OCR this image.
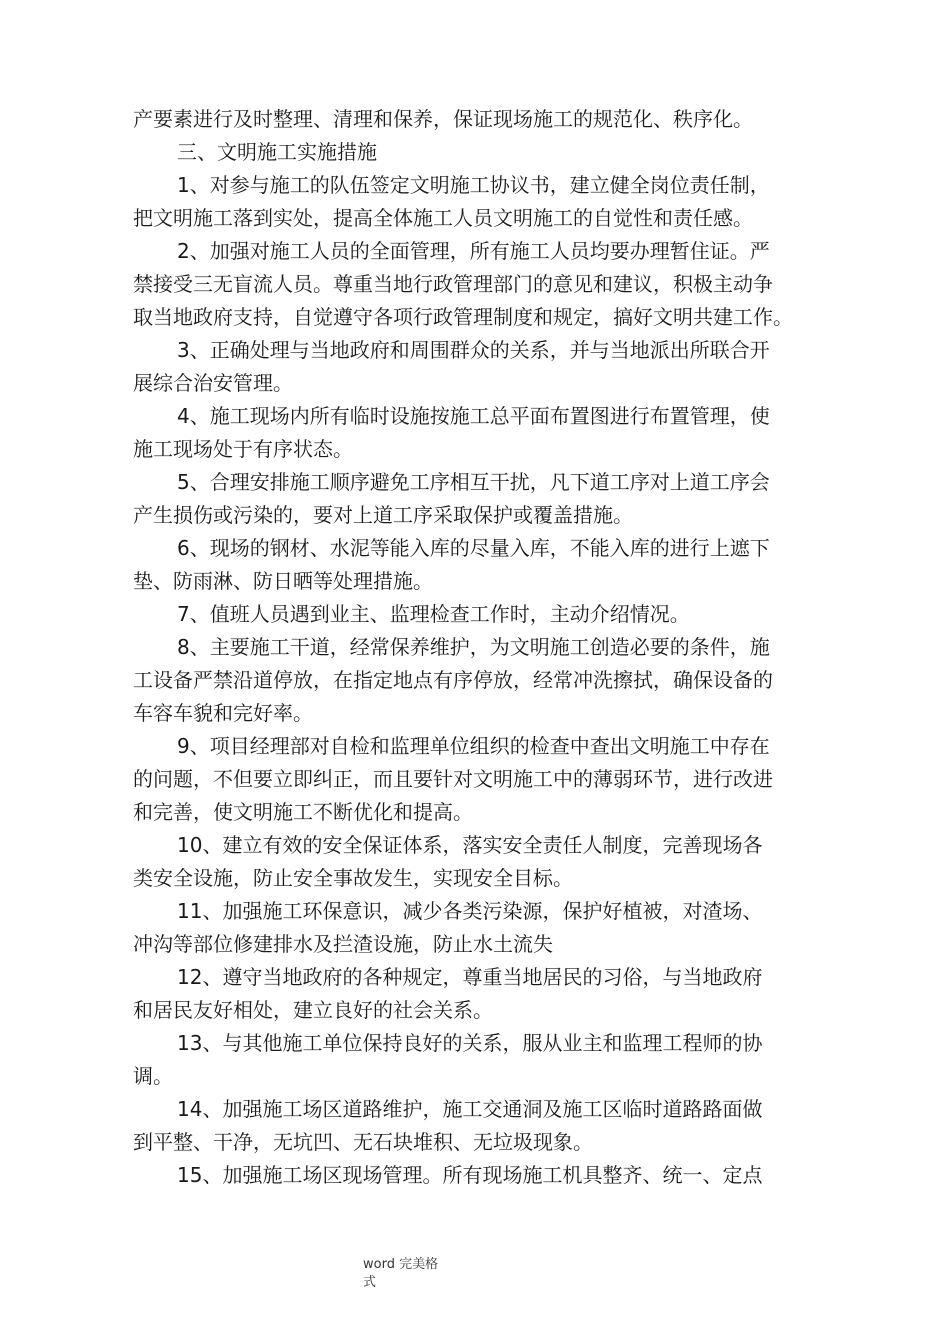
产要素进行及时整理、清理和保养，保证现场施工的规范化、秩序化。
三、文明施工实施措施
1、对参与施工的队伍签定文明施工协议书，建立健全岗位责任制，
把文明施工落到实处，提高全体施工人员文明施工的自觉性和责任感。
2、加强对施工人员的全面管理，所有施工人员均要办理暂住证。严
禁接受三无盲流人员。尊重当地行政管理部门的意见和建议，积极主动争
取当地政府支持，自觉遵守各项行政管理制度和规定，搞好文明共建工作。
3、正确处理与当地政府和周围群众的关系，并与当地派出所联合开
展综合治安管理。
4、施工现场内所有临时设施按施工总平面布置图进行布置管理，使
施工现场处于有序状态。
5、合理安排施工顺序避免工序相互干扰，凡下道工序对上道工序会
产生损伤或污染的，要对上道工序采取保护或覆盖措施。
6、现场的钢材、水泥等能入库的尽量入库，不能入库的进行上遮下
垫、防雨淋、防日晒等处理措施。
7、值班人员遇到业主、监理检查工作时，主动介绍情况。
8、主要施工干道，经常保养维护，为文明施工创造必要的条件，施
工设备严禁沿道停放，在指定地点有序停放，经常冲洗擦拭，确保设备的
车容车貌和完好率。
9、项目经理部对自检和监理单位组织的检查中查出文明施工中存在
的问题，不但要立即纠正，而且要针对文明施工中的薄弱环节，进行改进
和完善，使文明施工不断优化和提高。
10、建立有效的安全保证体系，落实安全责任人制度，完善现场各
类安全设施，防止安全事故发生，实现安全目标。
11、加强施工环保意识，减少各类污染源，保护好植被，对渣场、
冲沟等部位修建排水及拦渣设施，防止水土流失
12、遵守当地政府的各种规定，尊重当地居民的习俗，与当地政府
和居民友好相处，建立良好的社会关系。
13、与其他施工单位保持良好的关系，服从业主和监理工程师的协
调。
14、加强施工场区道路维护，施工交通洞及施工区临时道路路面做
到平整、干净，无坑凹、无石块堆积、无垃圾现象。
15、加强施工场区现场管理。所有现场施工机具整齐、统一、定点
word 完美格
式
